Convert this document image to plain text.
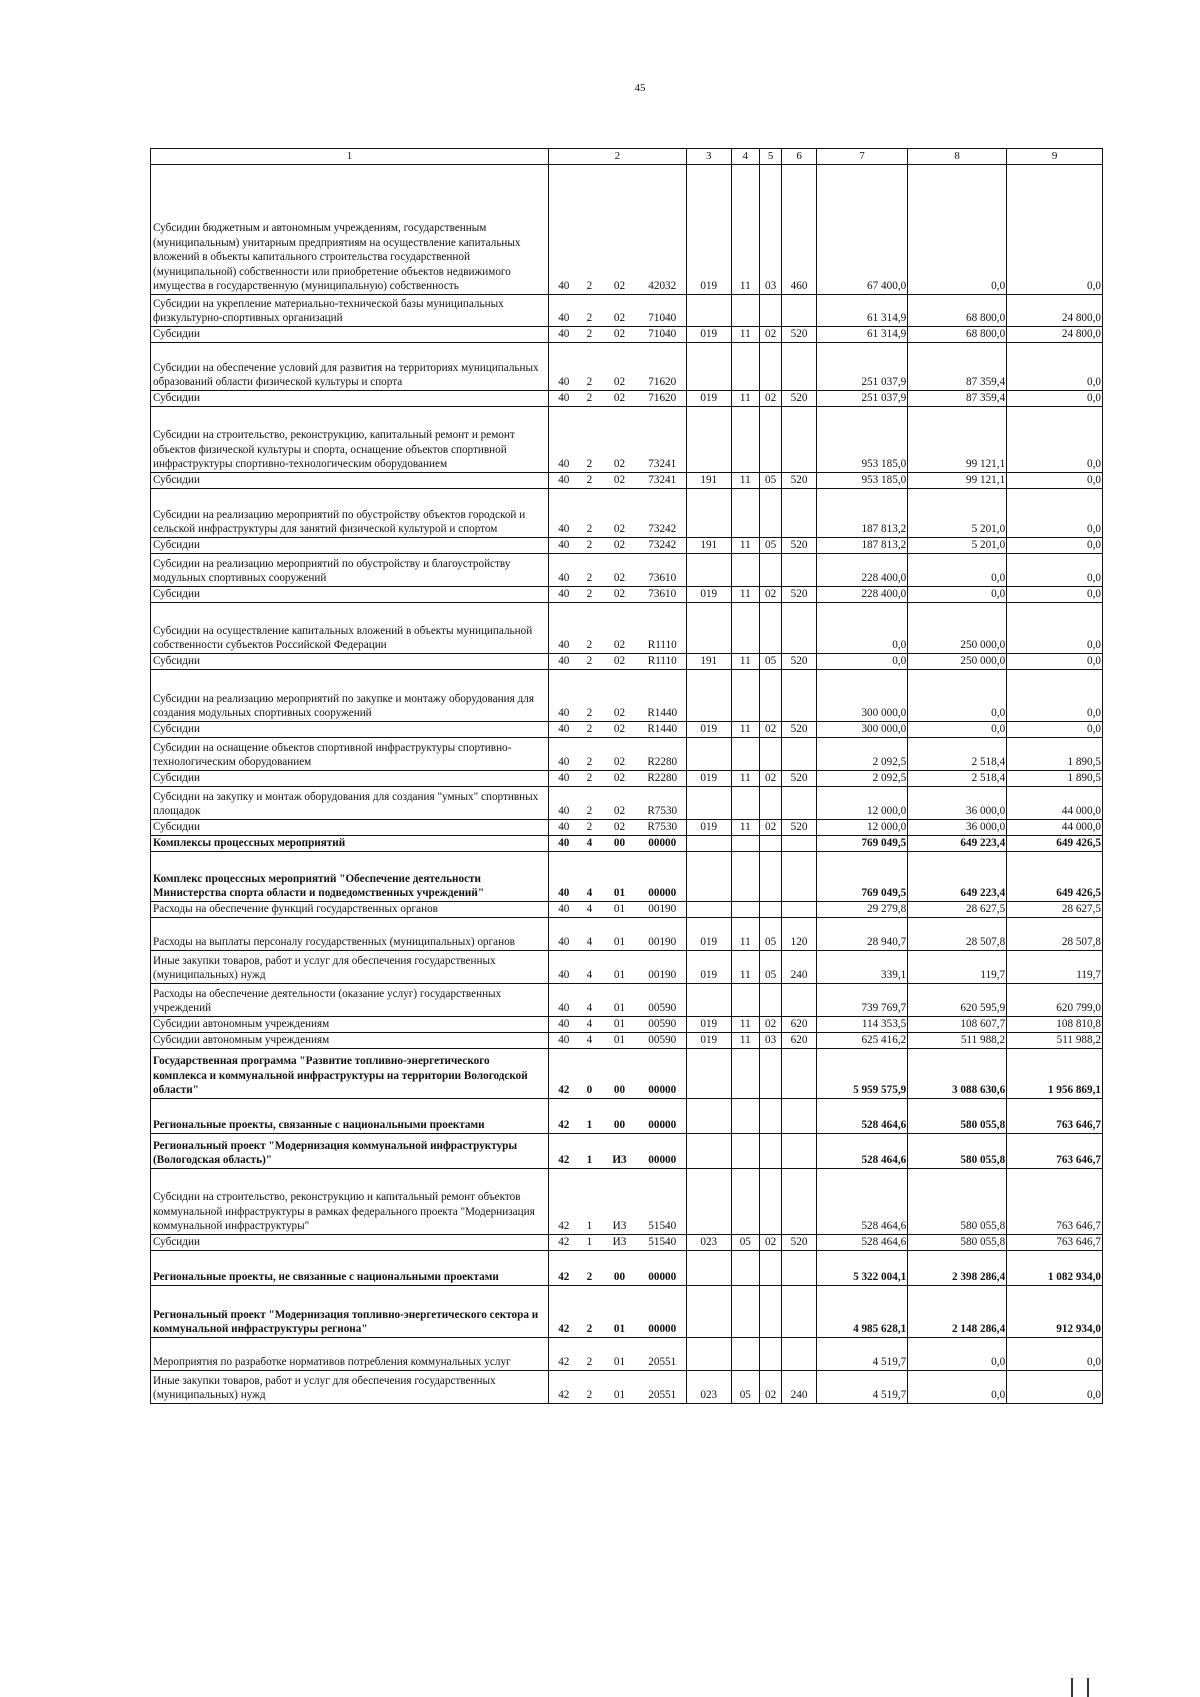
45
1	2				3	4	5	6	7	8	9
Субсидии бюджетным и автономным учреждениям, государственным (муниципальным) унитарным предприятиям на осуществление капитальных вложений в объекты капитального строительства государственной (муниципальной) собственности или приобретение объектов недвижимого имущества в государственную (муниципальную) собственность	40	2	02	42032	019	11	03	460	67 400,0	0,0	0,0
Субсидии на укрепление материально-технической базы муниципальных физкультурно-спортивных организаций	40	2	02	71040					61 314,9	68 800,0	24 800,0
Субсидии	40	2	02	71040	019	11	02	520	61 314,9	68 800,0	24 800,0
Субсидии на обеспечение условий для развития на территориях муниципальных образований области физической культуры и спорта	40	2	02	71620					251 037,9	87 359,4	0,0
Субсидии	40	2	02	71620	019	11	02	520	251 037,9	87 359,4	0,0
Субсидии на строительство, реконструкцию, капитальный ремонт и ремонт объектов физической культуры и спорта, оснащение объектов спортивной инфраструктуры спортивно-технологическим оборудованием	40	2	02	73241					953 185,0	99 121,1	0,0
Субсидии	40	2	02	73241	191	11	05	520	953 185,0	99 121,1	0,0
Субсидии на реализацию мероприятий по обустройству объектов городской и сельской инфраструктуры для занятий физической культурой и спортом	40	2	02	73242					187 813,2	5 201,0	0,0
Субсидии	40	2	02	73242	191	11	05	520	187 813,2	5 201,0	0,0
Субсидии на реализацию мероприятий по обустройству и благоустройству модульных спортивных сооружений	40	2	02	73610					228 400,0	0,0	0,0
Субсидии	40	2	02	73610	019	11	02	520	228 400,0	0,0	0,0
Субсидии на осуществление капитальных вложений в объекты муниципальной собственности субъектов Российской Федерации	40	2	02	R1110					0,0	250 000,0	0,0
Субсидии	40	2	02	R1110	191	11	05	520	0,0	250 000,0	0,0
Субсидии на реализацию мероприятий по закупке и монтажу оборудования для создания модульных спортивных сооружений	40	2	02	R1440					300 000,0	0,0	0,0
Субсидии	40	2	02	R1440	019	11	02	520	300 000,0	0,0	0,0
Субсидии на оснащение объектов спортивной инфраструктуры спортивно-технологическим оборудованием	40	2	02	R2280					2 092,5	2 518,4	1 890,5
Субсидии	40	2	02	R2280	019	11	02	520	2 092,5	2 518,4	1 890,5
Субсидии на закупку и монтаж оборудования для создания "умных" спортивных площадок	40	2	02	R7530					12 000,0	36 000,0	44 000,0
Субсидии	40	2	02	R7530	019	11	02	520	12 000,0	36 000,0	44 000,0
Комплексы процессных мероприятий	40	4	00	00000					769 049,5	649 223,4	649 426,5
Комплекс процессных мероприятий "Обеспечение деятельности Министерства спорта области и подведомственных учреждений"	40	4	01	00000					769 049,5	649 223,4	649 426,5
Расходы на обеспечение функций государственных органов	40	4	01	00190					29 279,8	28 627,5	28 627,5
Расходы на выплаты персоналу государственных (муниципальных) органов	40	4	01	00190	019	11	05	120	28 940,7	28 507,8	28 507,8
Иные закупки товаров, работ и услуг для обеспечения государственных (муниципальных) нужд	40	4	01	00190	019	11	05	240	339,1	119,7	119,7
Расходы на обеспечение деятельности (оказание услуг) государственных учреждений	40	4	01	00590					739 769,7	620 595,9	620 799,0
Субсидии автономным учреждениям	40	4	01	00590	019	11	02	620	114 353,5	108 607,7	108 810,8
Субсидии автономным учреждениям	40	4	01	00590	019	11	03	620	625 416,2	511 988,2	511 988,2
Государственная программа "Развитие топливно-энергетического комплекса и коммунальной инфраструктуры на территории Вологодской области"	42	0	00	00000					5 959 575,9	3 088 630,6	1 956 869,1
Региональные проекты, связанные с национальными проектами	42	1	00	00000					528 464,6	580 055,8	763 646,7
Региональный проект "Модернизация коммунальной инфраструктуры (Вологодская область)"	42	1	И3	00000					528 464,6	580 055,8	763 646,7
Субсидии на строительство, реконструкцию и капитальный ремонт объектов коммунальной инфраструктуры в рамках федерального проекта "Модернизация коммунальной инфраструктуры"	42	1	И3	51540					528 464,6	580 055,8	763 646,7
Субсидии	42	1	И3	51540	023	05	02	520	528 464,6	580 055,8	763 646,7
Региональные проекты, не связанные с национальными проектами	42	2	00	00000					5 322 004,1	2 398 286,4	1 082 934,0
Региональный проект "Модернизация топливно-энергетического сектора и коммунальной инфраструктуры региона"	42	2	01	00000					4 985 628,1	2 148 286,4	912 934,0
Мероприятия по разработке нормативов потребления коммунальных услуг	42	2	01	20551					4 519,7	0,0	0,0
Иные закупки товаров, работ и услуг для обеспечения государственных (муниципальных) нужд	42	2	01	20551	023	05	02	240	4 519,7	0,0	0,0
